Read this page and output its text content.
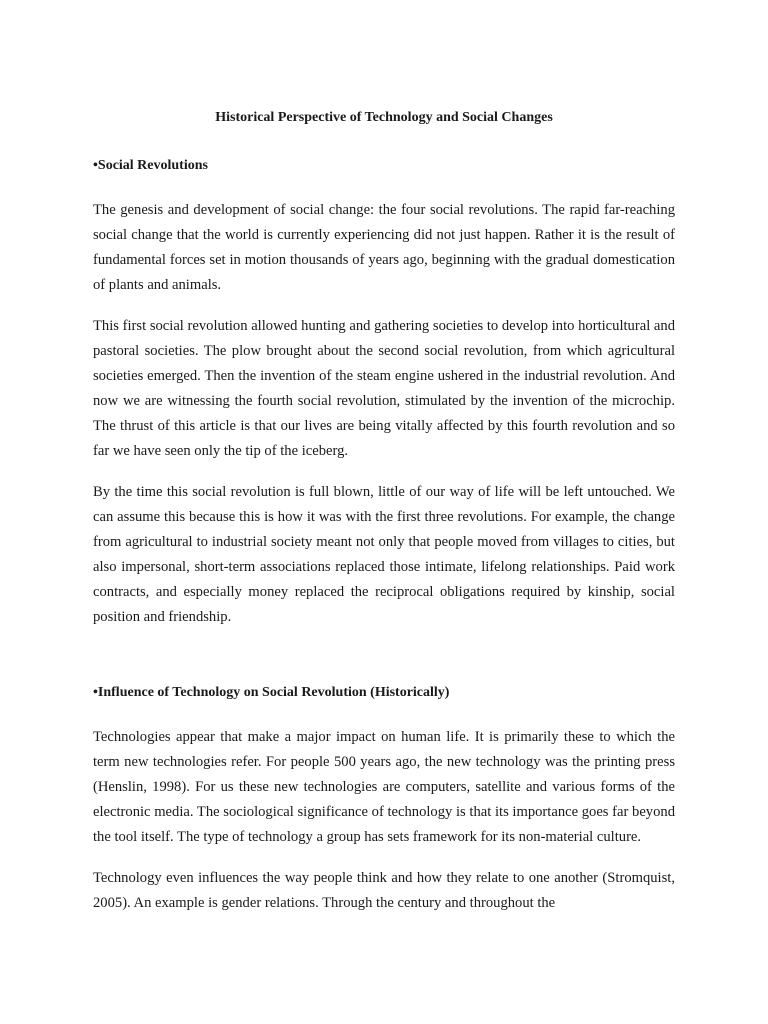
Historical Perspective of Technology and Social Changes
•Social Revolutions

The genesis and development of social change: the four social revolutions. The rapid far-reaching social change that the world is currently experiencing did not just happen. Rather it is the result of fundamental forces set in motion thousands of years ago, beginning with the gradual domestication of plants and animals.

This first social revolution allowed hunting and gathering societies to develop into horticultural and pastoral societies. The plow brought about the second social revolution, from which agricultural societies emerged. Then the invention of the steam engine ushered in the industrial revolution. And now we are witnessing the fourth social revolution, stimulated by the invention of the microchip. The thrust of this article is that our lives are being vitally affected by this fourth revolution and so far we have seen only the tip of the iceberg.

By the time this social revolution is full blown, little of our way of life will be left untouched. We can assume this because this is how it was with the first three revolutions. For example, the change from agricultural to industrial society meant not only that people moved from villages to cities, but also impersonal, short-term associations replaced those intimate, lifelong relationships. Paid work contracts, and especially money replaced the reciprocal obligations required by kinship, social position and friendship.

•Influence of Technology on Social Revolution (Historically)

Technologies appear that make a major impact on human life. It is primarily these to which the term new technologies refer. For people 500 years ago, the new technology was the printing press (Henslin, 1998). For us these new technologies are computers, satellite and various forms of the electronic media. The sociological significance of technology is that its importance goes far beyond the tool itself. The type of technology a group has sets framework for its non-material culture.

Technology even influences the way people think and how they relate to one another (Stromquist, 2005). An example is gender relations. Through the century and throughout the
